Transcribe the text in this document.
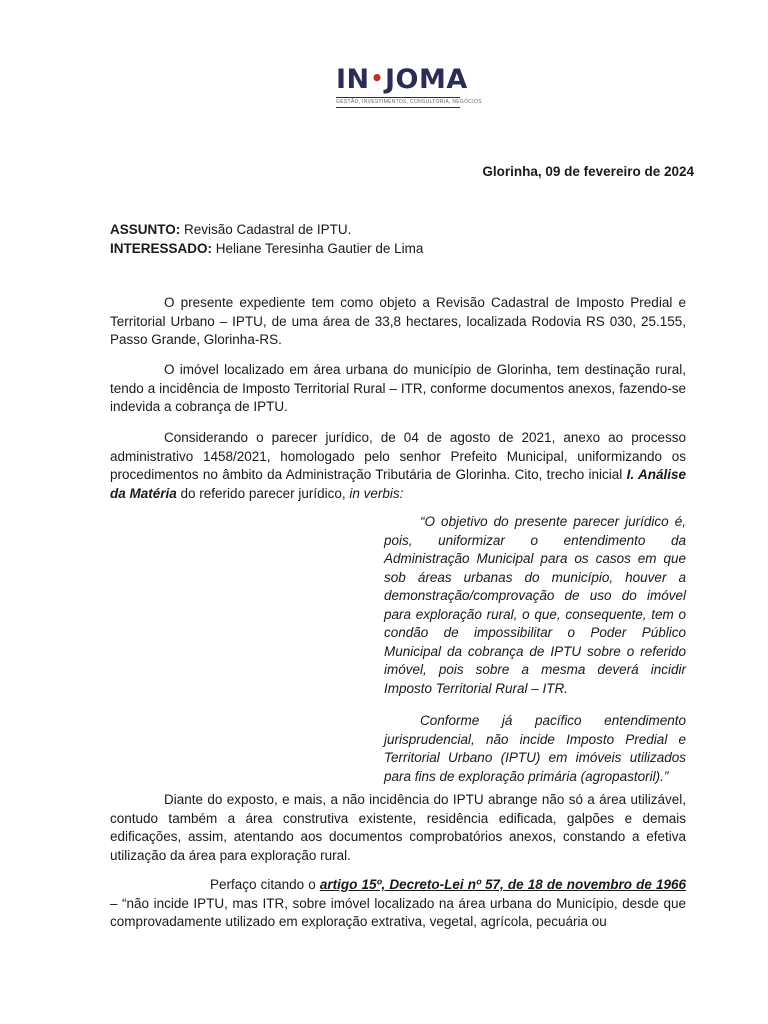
IN•JOMA
GESTÃO, INVESTIMENTOS, CONSULTORIA, NEGÓCIOS
Glorinha, 09 de fevereiro de 2024
ASSUNTO: Revisão Cadastral de IPTU.
INTERESSADO: Heliane Teresinha Gautier de Lima

O presente expediente tem como objeto a Revisão Cadastral de Imposto Predial e Territorial Urbano – IPTU, de uma área de 33,8 hectares, localizada Rodovia RS 030, 25.155, Passo Grande, Glorinha-RS.

O imóvel localizado em área urbana do município de Glorinha, tem destinação rural, tendo a incidência de Imposto Territorial Rural – ITR, conforme documentos anexos, fazendo-se indevida a cobrança de IPTU.

Considerando o parecer jurídico, de 04 de agosto de 2021, anexo ao processo administrativo 1458/2021, homologado pelo senhor Prefeito Municipal, uniformizando os procedimentos no âmbito da Administração Tributária de Glorinha. Cito, trecho inicial I. Análise da Matéria do referido parecer jurídico, in verbis:

“O objetivo do presente parecer jurídico é, pois, uniformizar o entendimento da Administração Municipal para os casos em que sob áreas urbanas do município, houver a demonstração/comprovação de uso do imóvel para exploração rural, o que, consequente, tem o condão de impossibilitar o Poder Público Municipal da cobrança de IPTU sobre o referido imóvel, pois sobre a mesma deverá incidir Imposto Territorial Rural – ITR.

Conforme já pacífico entendimento jurisprudencial, não incide Imposto Predial e Territorial Urbano (IPTU) em imóveis utilizados para fins de exploração primária (agropastoril).”

Diante do exposto, e mais, a não incidência do IPTU abrange não só a área utilizável, contudo também a área construtiva existente, residência edificada, galpões e demais edificações, assim, atentando aos documentos comprobatórios anexos, constando a efetiva utilização da área para exploração rural.

Perfaço citando o artigo 15º, Decreto-Lei nº 57, de 18 de novembro de 1966 – “não incide IPTU, mas ITR, sobre imóvel localizado na área urbana do Município, desde que comprovadamente utilizado em exploração extrativa, vegetal, agrícola, pecuária ou
